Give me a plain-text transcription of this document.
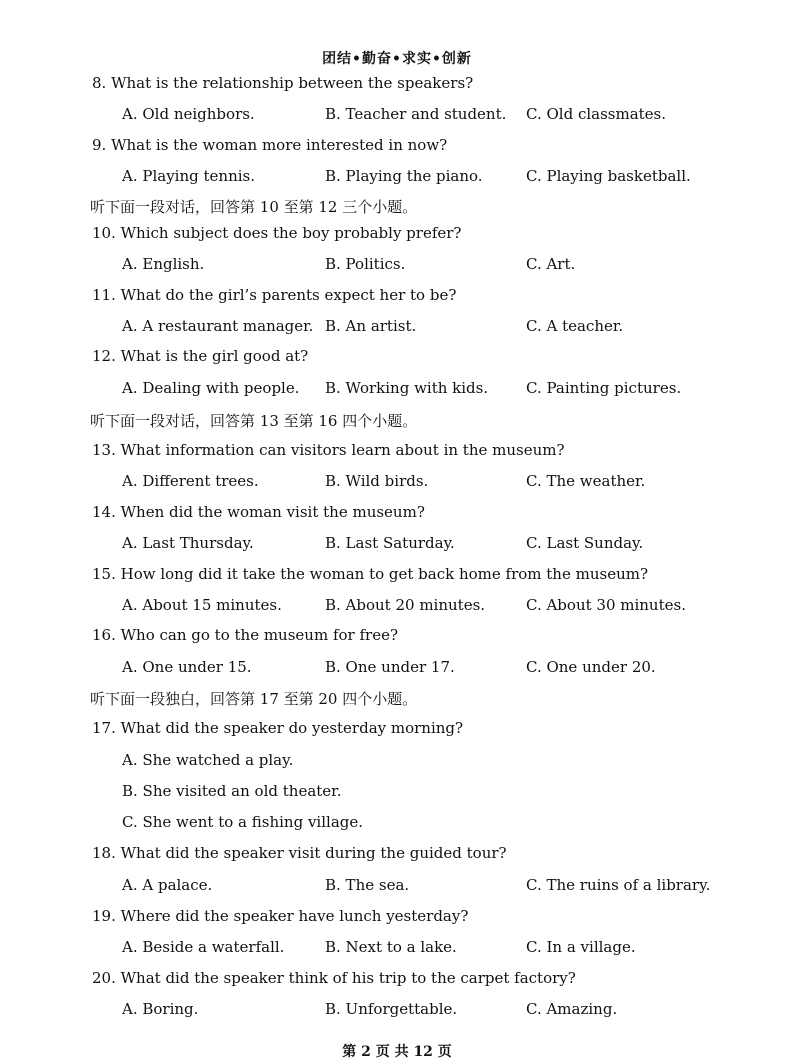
团结•勤奋•求实•创新
8. What is the relationship between the speakers?
A. Old neighbors.	B. Teacher and student. C. Old classmates.
9. What is the woman more interested in now?
A. Playing tennis.	B. Playing the piano.	C. Playing basketball.
听下面一段对话，回答第 10 至第 12 三个小题。
10. Which subject does the boy probably prefer?
A. English.	B. Politics.	C. Art.
11. What do the girl’s parents expect her to be?
A. A restaurant manager. B. An artist.	C. A teacher.
12. What is the girl good at?
A. Dealing with people. B. Working with kids.	C. Painting pictures.
听下面一段对话，回答第 13 至第 16 四个小题。
13. What information can visitors learn about in the museum?
A. Different trees.	B. Wild birds.	C. The weather.
14. When did the woman visit the museum?
A. Last Thursday.	B. Last Saturday.	C. Last Sunday.
15. How long did it take the woman to get back home from the museum?
A. About 15 minutes.	B. About 20 minutes.	C. About 30 minutes.
16. Who can go to the museum for free?
A. One under 15.	B. One under 17.	C. One under 20.
听下面一段独白，回答第 17 至第 20 四个小题。
17. What did the speaker do yesterday morning?
A. She watched a play.
B. She visited an old theater.
C. She went to a fishing village.
18. What did the speaker visit during the guided tour?
A. A palace.	B. The sea.	C. The ruins of a library.
19. Where did the speaker have lunch yesterday?
A. Beside a waterfall.	B. Next to a lake.	C. In a village.
20. What did the speaker think of his trip to the carpet factory?
A. Boring.	B. Unforgettable.	C. Amazing.
第 2 页 共 12 页
